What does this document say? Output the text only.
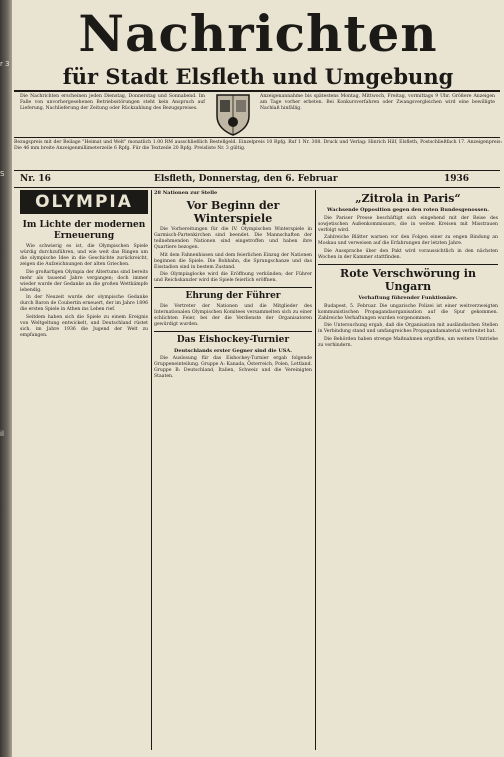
r 3
S
il
Nachrichten
für Stadt Elsfleth und Umgebung
Die Nachrichten erscheinen jeden Dienstag, Donnerstag und Sonnabend. Im Falle von unvorhergesehenen Betriebsstörungen steht kein Anspruch auf Lieferung, Nachlieferung der Zeitung oder Rückzahlung des Bezugspreises.
Anzeigenannahme bis spätestens Montag, Mittwoch, Freitag, vormittags 9 Uhr. Größere Anzeigen am Tage vorher erbeten. Bei Konkursverfahren oder Zwangsvergleichen wird eine bewilligte Nachlaß hinfällig.
Bezugspreis mit der Beilage "Heimat und Welt" monatlich 1.00 RM ausschließlich Bestellgeld. Einzelpreis 10 Rpfg. Ruf 1 Nr. 308. Druck und Verlag: Hinrich Hilf, Elsfleth, Postschließfach 17. Anzeigenpreis: Die 46 mm breite Anzeigenmillimeterzeile 6 Rpfg. Für die Textzeile 20 Rpfg. Preisliste Nr. 3 gültig.
Nr. 16	Elsfleth, Donnerstag, den 6. Februar	1936
OLYMPIA
Im Lichte der modernen Erneuerung

Wie schwierig es ist, die Olympischen Spiele würdig durchzuführen, und wie weit das Ringen um die olympische Idee in die Geschichte zurückreicht, zeigen die Aufzeichnungen der alten Griechen.

Die großartigen Olympia der Altertums sind bereits mehr als tausend Jahre vergangen; doch immer wieder wurde der Gedanke an die großen Wettkämpfe lebendig.

In der Neuzeit wurde der olympische Gedanke durch Baron de Coubertin erneuert, der im Jahre 1896 die ersten Spiele in Athen ins Leben rief.

Seitdem haben sich die Spiele zu einem Ereignis von Weltgeltung entwickelt, und Deutschland rüstet sich, im Jahre 1936 die Jugend der Welt zu empfangen.

28 Nationen zur Stelle
Vor Beginn der Winterspiele

Die Vorbereitungen für die IV. Olympischen Winterspiele in Garmisch-Partenkirchen sind beendet. Die Mannschaften der teilnehmenden Nationen sind eingetroffen und haben ihre Quartiere bezogen.

Mit dem Fahnenhissen und dem feierlichen Einzug der Nationen beginnen die Spiele. Die Bobbahn, die Sprungschanze und das Eisstadion sind in bestem Zustand.

Die Olympiaglocke wird die Eröffnung verkünden; der Führer und Reichskanzler wird die Spiele feierlich eröffnen.

Ehrung der Führer

Die Vertreter der Nationen und die Mitglieder des Internationalen Olympischen Komitees versammelten sich zu einer schlichten Feier, bei der die Verdienste der Organisatoren gewürdigt wurden.

Das Eishockey-Turnier
Deutschlands erster Gegner sind die USA.

Die Auslosung für das Eishockey-Turnier ergab folgende Gruppeneinteilung. Gruppe A: Kanada, Österreich, Polen, Lettland. Gruppe B: Deutschland, Italien, Schweiz und die Vereinigten Staaten.

„Zitrola in Paris“
Wachsende Opposition gegen den roten Bundesgenossen.

Die Pariser Presse beschäftigt sich eingehend mit der Reise des sowjetischen Außenkommissars, die in weiten Kreisen mit Misstrauen verfolgt wird.

Zahlreiche Blätter warnen vor den Folgen einer zu engen Bindung an Moskau und verweisen auf die Erfahrungen der letzten Jahre.

Die Aussprache über den Pakt wird voraussichtlich in den nächsten Wochen in der Kammer stattfinden.

Rote Verschwörung in Ungarn
Verhaftung führender Funktionäre.

Budapest, 5. Februar. Die ungarische Polizei ist einer weitverzweigten kommunistischen Propagandaorganisation auf die Spur gekommen. Zahlreiche Verhaftungen wurden vorgenommen.

Die Untersuchung ergab, daß die Organisation mit ausländischen Stellen in Verbindung stand und umfangreiches Propagandamaterial verbreitet hat.

Die Behörden haben strenge Maßnahmen ergriffen, um weitere Umtriebe zu verhindern.
